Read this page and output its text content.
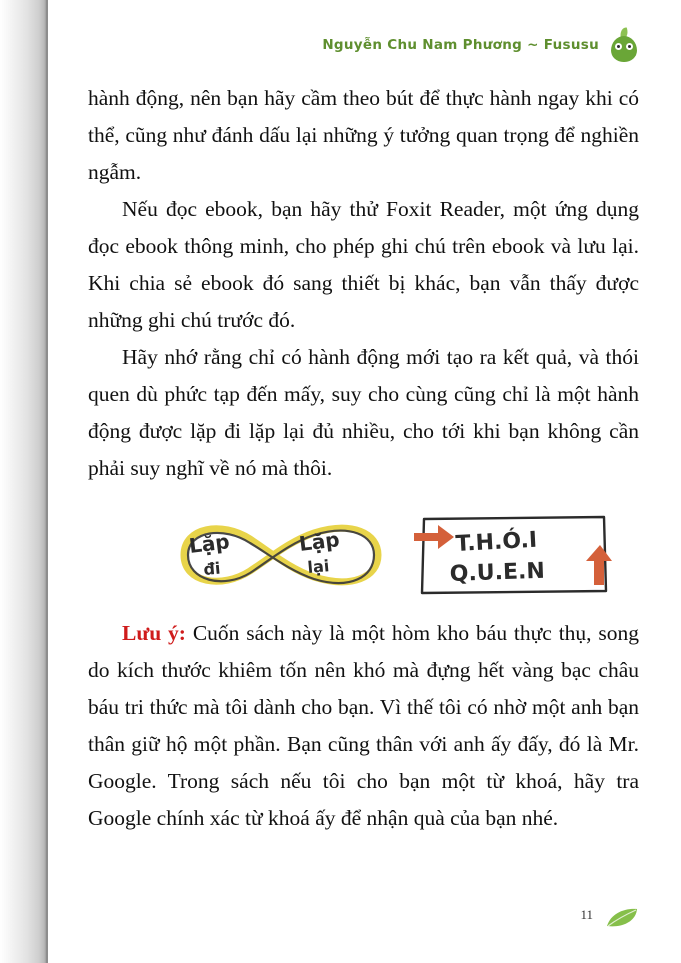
Nguyễn Chu Nam Phương ~ Fususu

hành động, nên bạn hãy cầm theo bút để thực hành ngay khi có thể, cũng như đánh dấu lại những ý tưởng quan trọng để nghiền ngẫm.

Nếu đọc ebook, bạn hãy thử Foxit Reader, một ứng dụng đọc ebook thông minh, cho phép ghi chú trên ebook và lưu lại. Khi chia sẻ ebook đó sang thiết bị khác, bạn vẫn thấy được những ghi chú trước đó.

Hãy nhớ rằng chỉ có hành động mới tạo ra kết quả, và thói quen dù phức tạp đến mấy, suy cho cùng cũng chỉ là một hành động được lặp đi lặp lại đủ nhiều, cho tới khi bạn không cần phải suy nghĩ về nó mà thôi.

Lặp
đi
Lặp
lại
T.H.Ó.I
Q.U.E.N

Lưu ý: Cuốn sách này là một hòm kho báu thực thụ, song do kích thước khiêm tốn nên khó mà đựng hết vàng bạc châu báu tri thức mà tôi dành cho bạn. Vì thế tôi có nhờ một anh bạn thân giữ hộ một phần. Bạn cũng thân với anh ấy đấy, đó là Mr. Google. Trong sách nếu tôi cho bạn một từ khoá, hãy tra Google chính xác từ khoá ấy để nhận quà của bạn nhé.

11
